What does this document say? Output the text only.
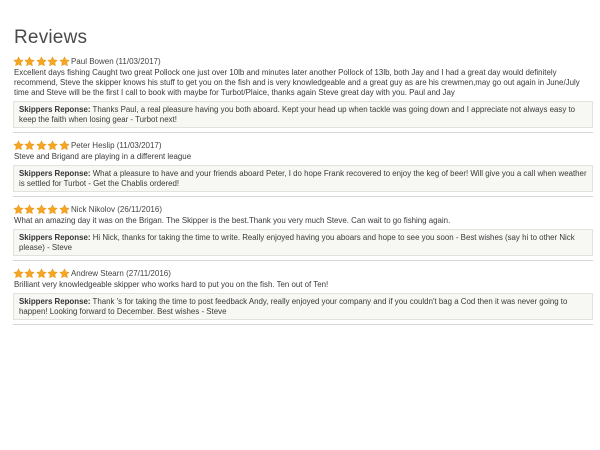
Reviews
Paul Bowen
(11/03/2017)
Excellent days fishing Caught two great Pollock one just over 10lb and minutes later another Pollock of 13lb, both Jay and I had a great day would definitely recommend, Steve the skipper knows his stuff to get you on the fish and is very knowledgeable and a great guy as are his crewmen,may go out again in June/July time and Steve will be the first I call to book with maybe for Turbot/Plaice, thanks again Steve great day with you. Paul and Jay
Skippers Reponse: Thanks Paul, a real pleasure having you both aboard. Kept your head up when tackle was going down and I appreciate not always easy to keep the faith when losing gear - Turbot next!
Peter Heslip
(11/03/2017)
Steve and Brigand are playing in a different league
Skippers Reponse: What a pleasure to have and your friends aboard Peter, I do hope Frank recovered to enjoy the keg of beer! Will give you a call when weather is settled for Turbot - Get the Chablis ordered!
Nick Nikolov
(26/11/2016)
What an amazing day it was on the Brigan. The Skipper is the best.Thank you very much Steve. Can wait to go fishing again.
Skippers Reponse: Hi Nick, thanks for taking the time to write. Really enjoyed having you aboars and hope to see you soon - Best wishes (say hi to other Nick please) - Steve
Andrew Stearn
(27/11/2016)
Brilliant very knowledgeable skipper who works hard to put you on the fish. Ten out of Ten!
Skippers Reponse: Thank 's for taking the time to post feedback Andy, really enjoyed your company and if you couldn't bag a Cod then it was never going to happen! Looking forward to December. Best wishes - Steve
